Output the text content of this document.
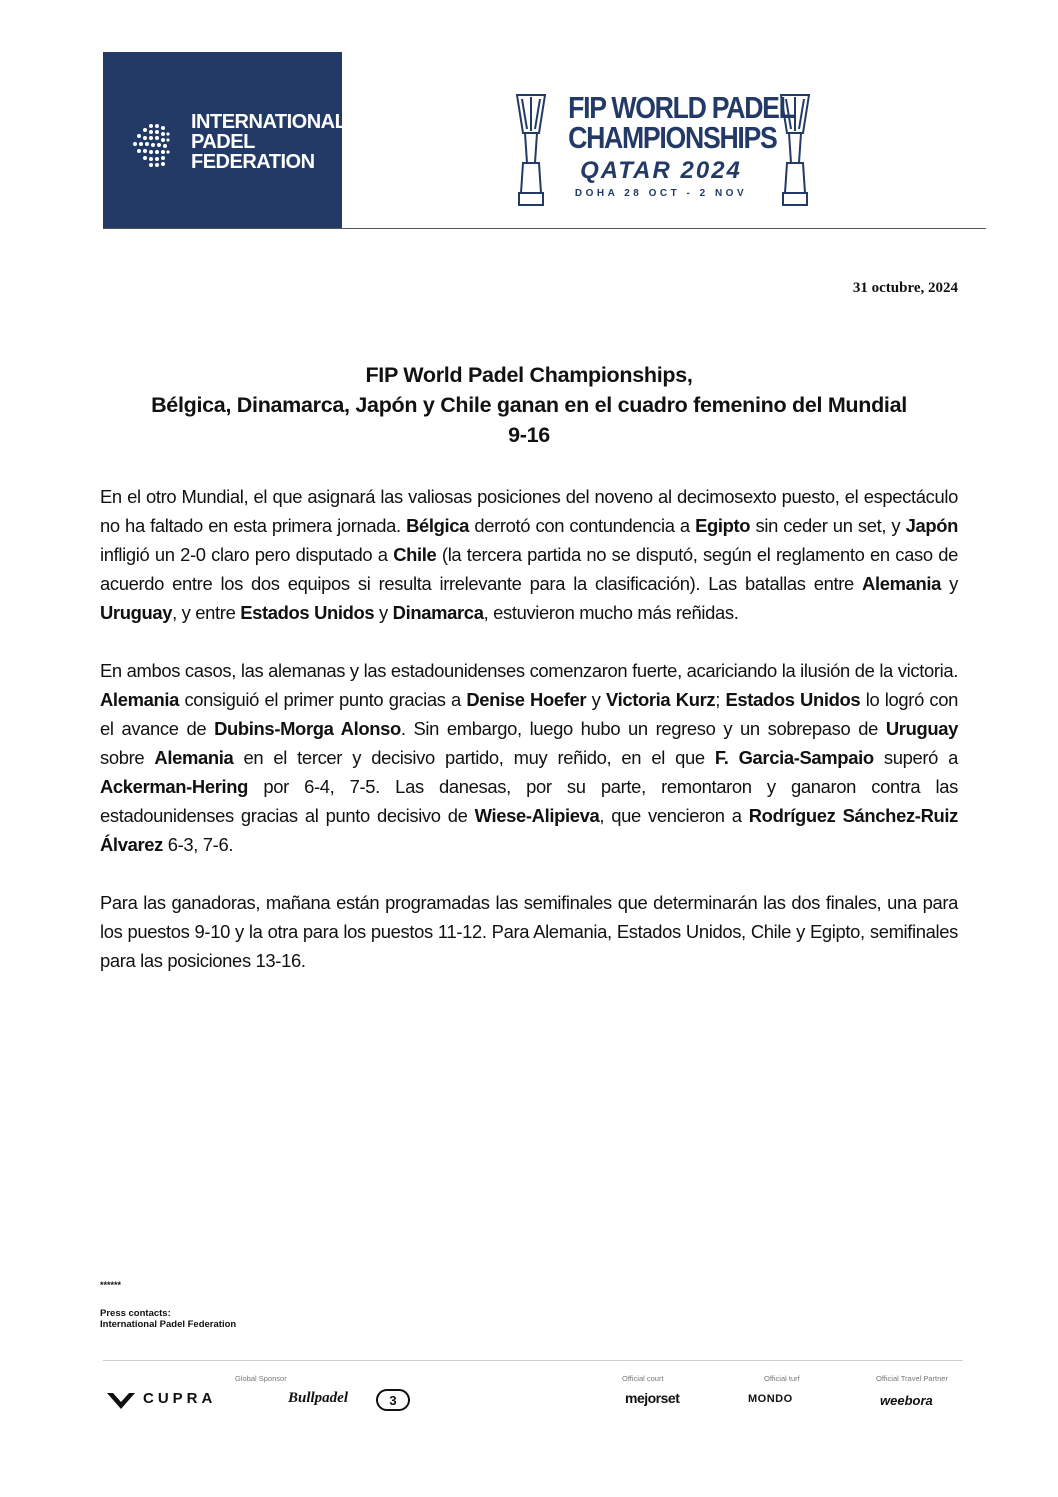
INTERNATIONAL
PADEL
FEDERATION
FIP WORLD PADEL
CHAMPIONSHIPS
QATAR 2024
DOHA 28 OCT - 2 NOV
31 octubre, 2024
FIP World Padel Championships,
Bélgica, Dinamarca, Japón y Chile ganan en el cuadro femenino del Mundial
9-16

En el otro Mundial, el que asignará las valiosas posiciones del noveno al decimosexto puesto, el espectáculo no ha faltado en esta primera jornada. Bélgica derrotó con contundencia a Egipto sin ceder un set, y Japón infligió un 2-0 claro pero disputado a Chile (la tercera partida no se disputó, según el reglamento en caso de acuerdo entre los dos equipos si resulta irrelevante para la clasificación). Las batallas entre Alemania y Uruguay, y entre Estados Unidos y Dinamarca, estuvieron mucho más reñidas.

En ambos casos, las alemanas y las estadounidenses comenzaron fuerte, acariciando la ilusión de la victoria. Alemania consiguió el primer punto gracias a Denise Hoefer y Victoria Kurz; Estados Unidos lo logró con el avance de Dubins-Morga Alonso. Sin embargo, luego hubo un regreso y un sobrepaso de Uruguay sobre Alemania en el tercer y decisivo partido, muy reñido, en el que F. Garcia-Sampaio superó a Ackerman-Hering por 6-4, 7-5. Las danesas, por su parte, remontaron y ganaron contra las estadounidenses gracias al punto decisivo de Wiese-Alipieva, que vencieron a Rodríguez Sánchez-Ruiz Álvarez 6-3, 7-6.

Para las ganadoras, mañana están programadas las semifinales que determinarán las dos finales, una para los puestos 9-10 y la otra para los puestos 11-12. Para Alemania, Estados Unidos, Chile y Egipto, semifinales para las posiciones 13-16.

******
Press contacts:
International Padel Federation
Global Sponsor
CUPRA	Bullpadel	3
Official court
mejorset
Official turf
MONDO
Official Travel Partner
weebora
